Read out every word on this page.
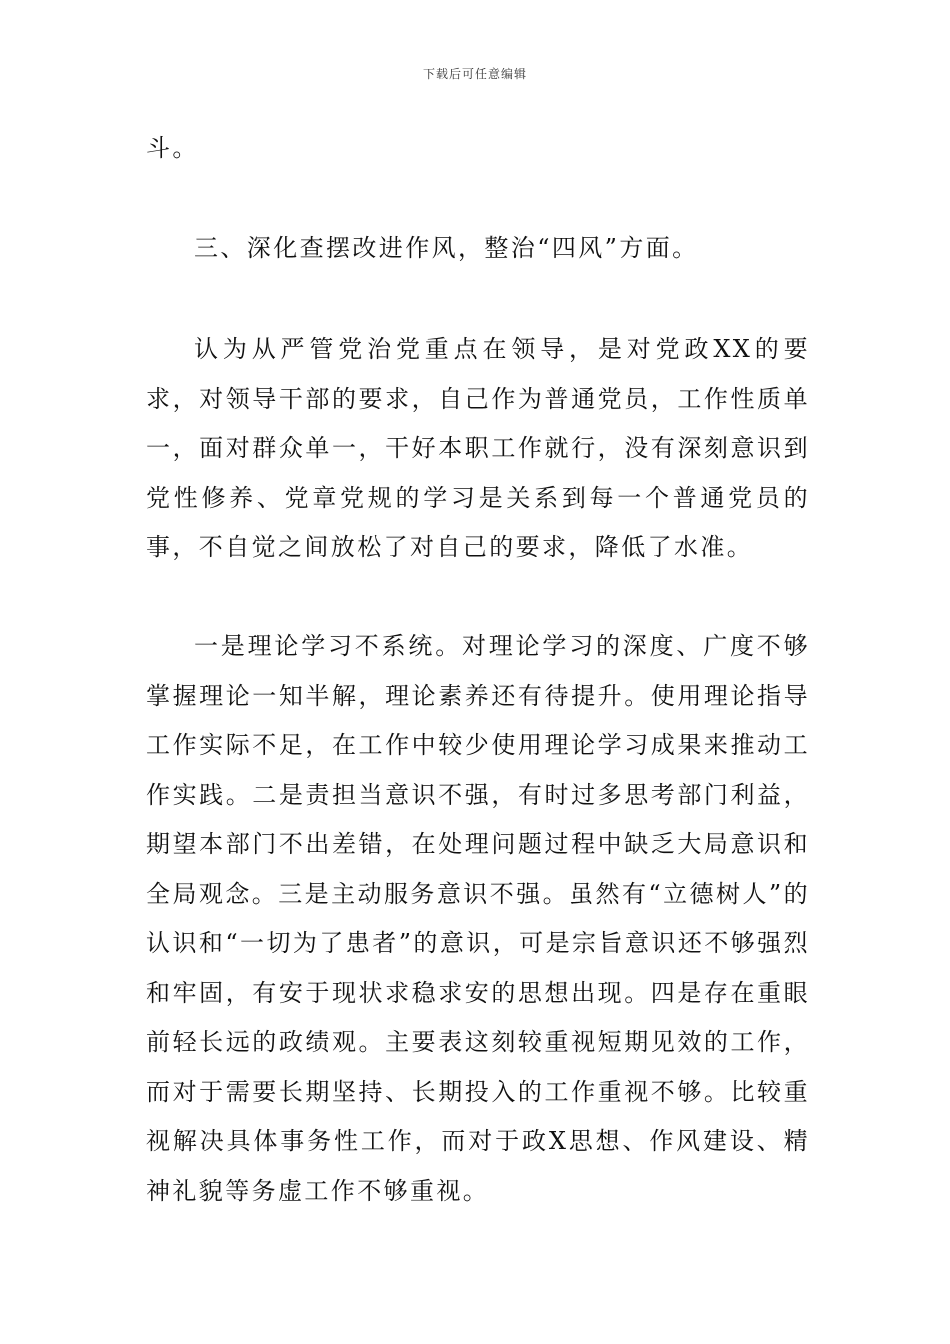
下载后可任意编辑

斗。

三、深化查摆改进作风，整治“四风”方面。

认为从严管党治党重点在领导，是对党政XX的要求，对领导干部的要求，自己作为普通党员，工作性质单一，面对群众单一，干好本职工作就行，没有深刻意识到党性修养、党章党规的学习是关系到每一个普通党员的事，不自觉之间放松了对自己的要求，降低了水准。

一是理论学习不系统。对理论学习的深度、广度不够掌握理论一知半解，理论素养还有待提升。使用理论指导工作实际不足，在工作中较少使用理论学习成果来推动工作实践。二是责担当意识不强，有时过多思考部门利益，期望本部门不出差错，在处理问题过程中缺乏大局意识和全局观念。三是主动服务意识不强。虽然有“立德树人”的认识和“一切为了患者”的意识，可是宗旨意识还不够强烈和牢固，有安于现状求稳求安的思想出现。四是存在重眼前轻长远的政绩观。主要表这刻较重视短期见效的工作，而对于需要长期坚持、长期投入的工作重视不够。比较重视解决具体事务性工作，而对于政X思想、作风建设、精神礼貌等务虚工作不够重视。
